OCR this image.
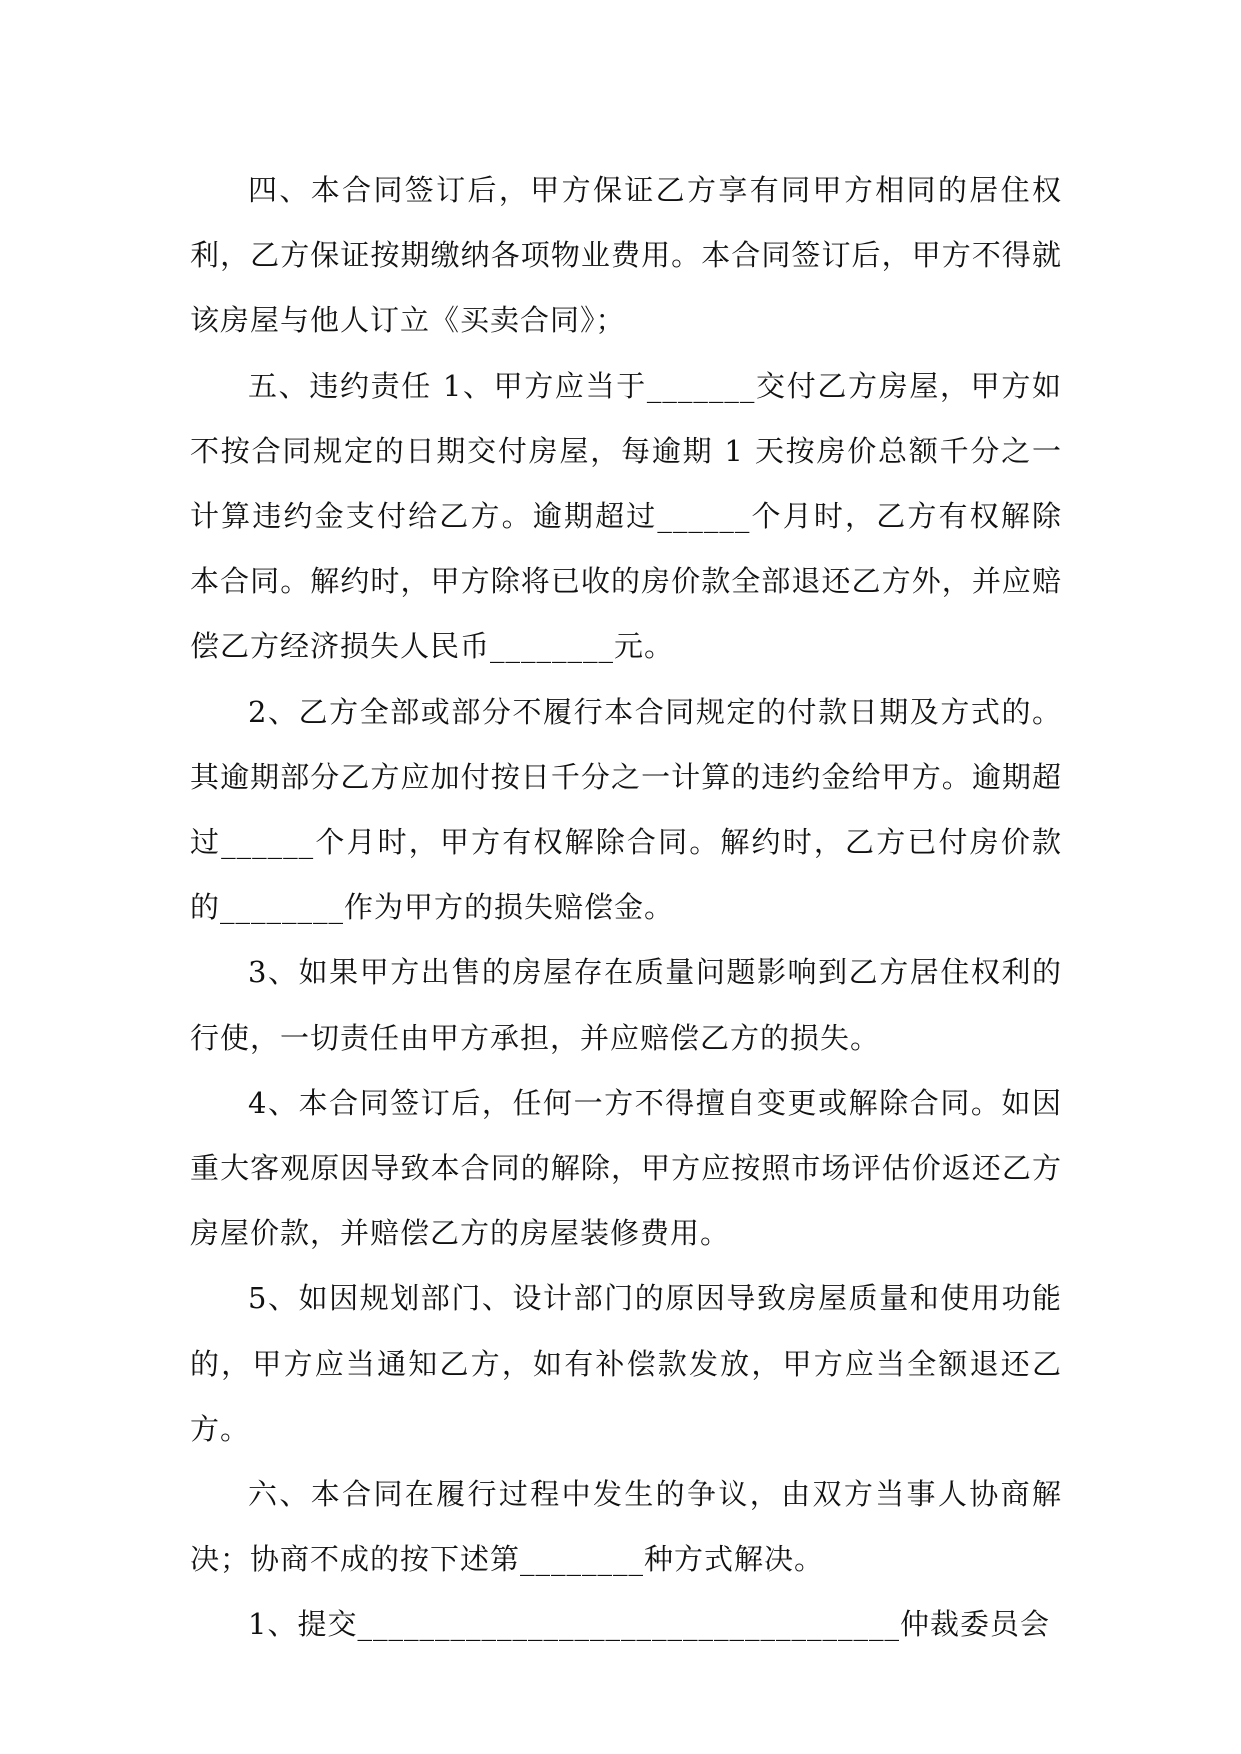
四、本合同签订后，甲方保证乙方享有同甲方相同的居住权利，乙方保证按期缴纳各项物业费用。本合同签订后，甲方不得就该房屋与他人订立《买卖合同》；

五、违约责任 1、甲方应当于_______交付乙方房屋，甲方如不按合同规定的日期交付房屋，每逾期 1 天按房价总额千分之一计算违约金支付给乙方。逾期超过______个月时，乙方有权解除本合同。解约时，甲方除将已收的房价款全部退还乙方外，并应赔偿乙方经济损失人民币________元。

2、乙方全部或部分不履行本合同规定的付款日期及方式的。其逾期部分乙方应加付按日千分之一计算的违约金给甲方。逾期超过______个月时，甲方有权解除合同。解约时，乙方已付房价款的________作为甲方的损失赔偿金。

3、如果甲方出售的房屋存在质量问题影响到乙方居住权利的行使，一切责任由甲方承担，并应赔偿乙方的损失。

4、本合同签订后，任何一方不得擅自变更或解除合同。如因重大客观原因导致本合同的解除，甲方应按照市场评估价返还乙方房屋价款，并赔偿乙方的房屋装修费用。

5、如因规划部门、设计部门的原因导致房屋质量和使用功能的，甲方应当通知乙方，如有补偿款发放，甲方应当全额退还乙方。

六、本合同在履行过程中发生的争议，由双方当事人协商解决；协商不成的按下述第________种方式解决。

1、提交___________________________________仲裁委员会
